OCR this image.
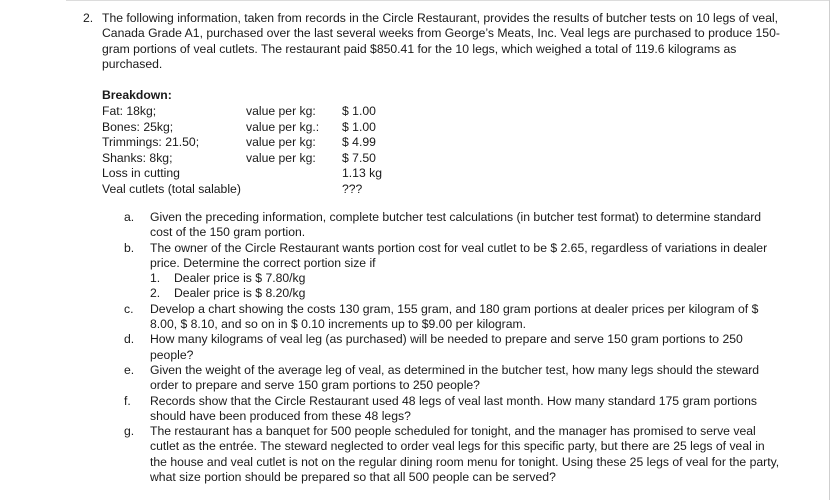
2. The following information, taken from records in the Circle Restaurant, provides the results of butcher tests on 10 legs of veal, Canada Grade A1, purchased over the last several weeks from George’s Meats, Inc. Veal legs are purchased to produce 150-gram portions of veal cutlets. The restaurant paid $850.41 for the 10 legs, which weighed a total of 119.6 kilograms as purchased.
Breakdown:
Fat: 18kg;	value per kg: $ 1.00
Bones: 25kg;	value per kg.: $ 1.00
Trimmings: 21.50;	value per kg: $ 4.99
Shanks: 8kg;	value per kg: $ 7.50
Loss in cutting	1.13 kg
Veal cutlets (total salable)	???
a. Given the preceding information, complete butcher test calculations (in butcher test format) to determine standard cost of the 150 gram portion.
b. The owner of the Circle Restaurant wants portion cost for veal cutlet to be $ 2.65, regardless of variations in dealer price. Determine the correct portion size if
1. Dealer price is $ 7.80/kg
2. Dealer price is $ 8.20/kg
c. Develop a chart showing the costs 130 gram, 155 gram, and 180 gram portions at dealer prices per kilogram of $ 8.00, $ 8.10, and so on in $ 0.10 increments up to $9.00 per kilogram.
d. How many kilograms of veal leg (as purchased) will be needed to prepare and serve 150 gram portions to 250 people?
e. Given the weight of the average leg of veal, as determined in the butcher test, how many legs should the steward order to prepare and serve 150 gram portions to 250 people?
f. Records show that the Circle Restaurant used 48 legs of veal last month. How many standard 175 gram portions should have been produced from these 48 legs?
g. The restaurant has a banquet for 500 people scheduled for tonight, and the manager has promised to serve veal cutlet as the entrée. The steward neglected to order veal legs for this specific party, but there are 25 legs of veal in the house and veal cutlet is not on the regular dining room menu for tonight. Using these 25 legs of veal for the party, what size portion should be prepared so that all 500 people can be served?
